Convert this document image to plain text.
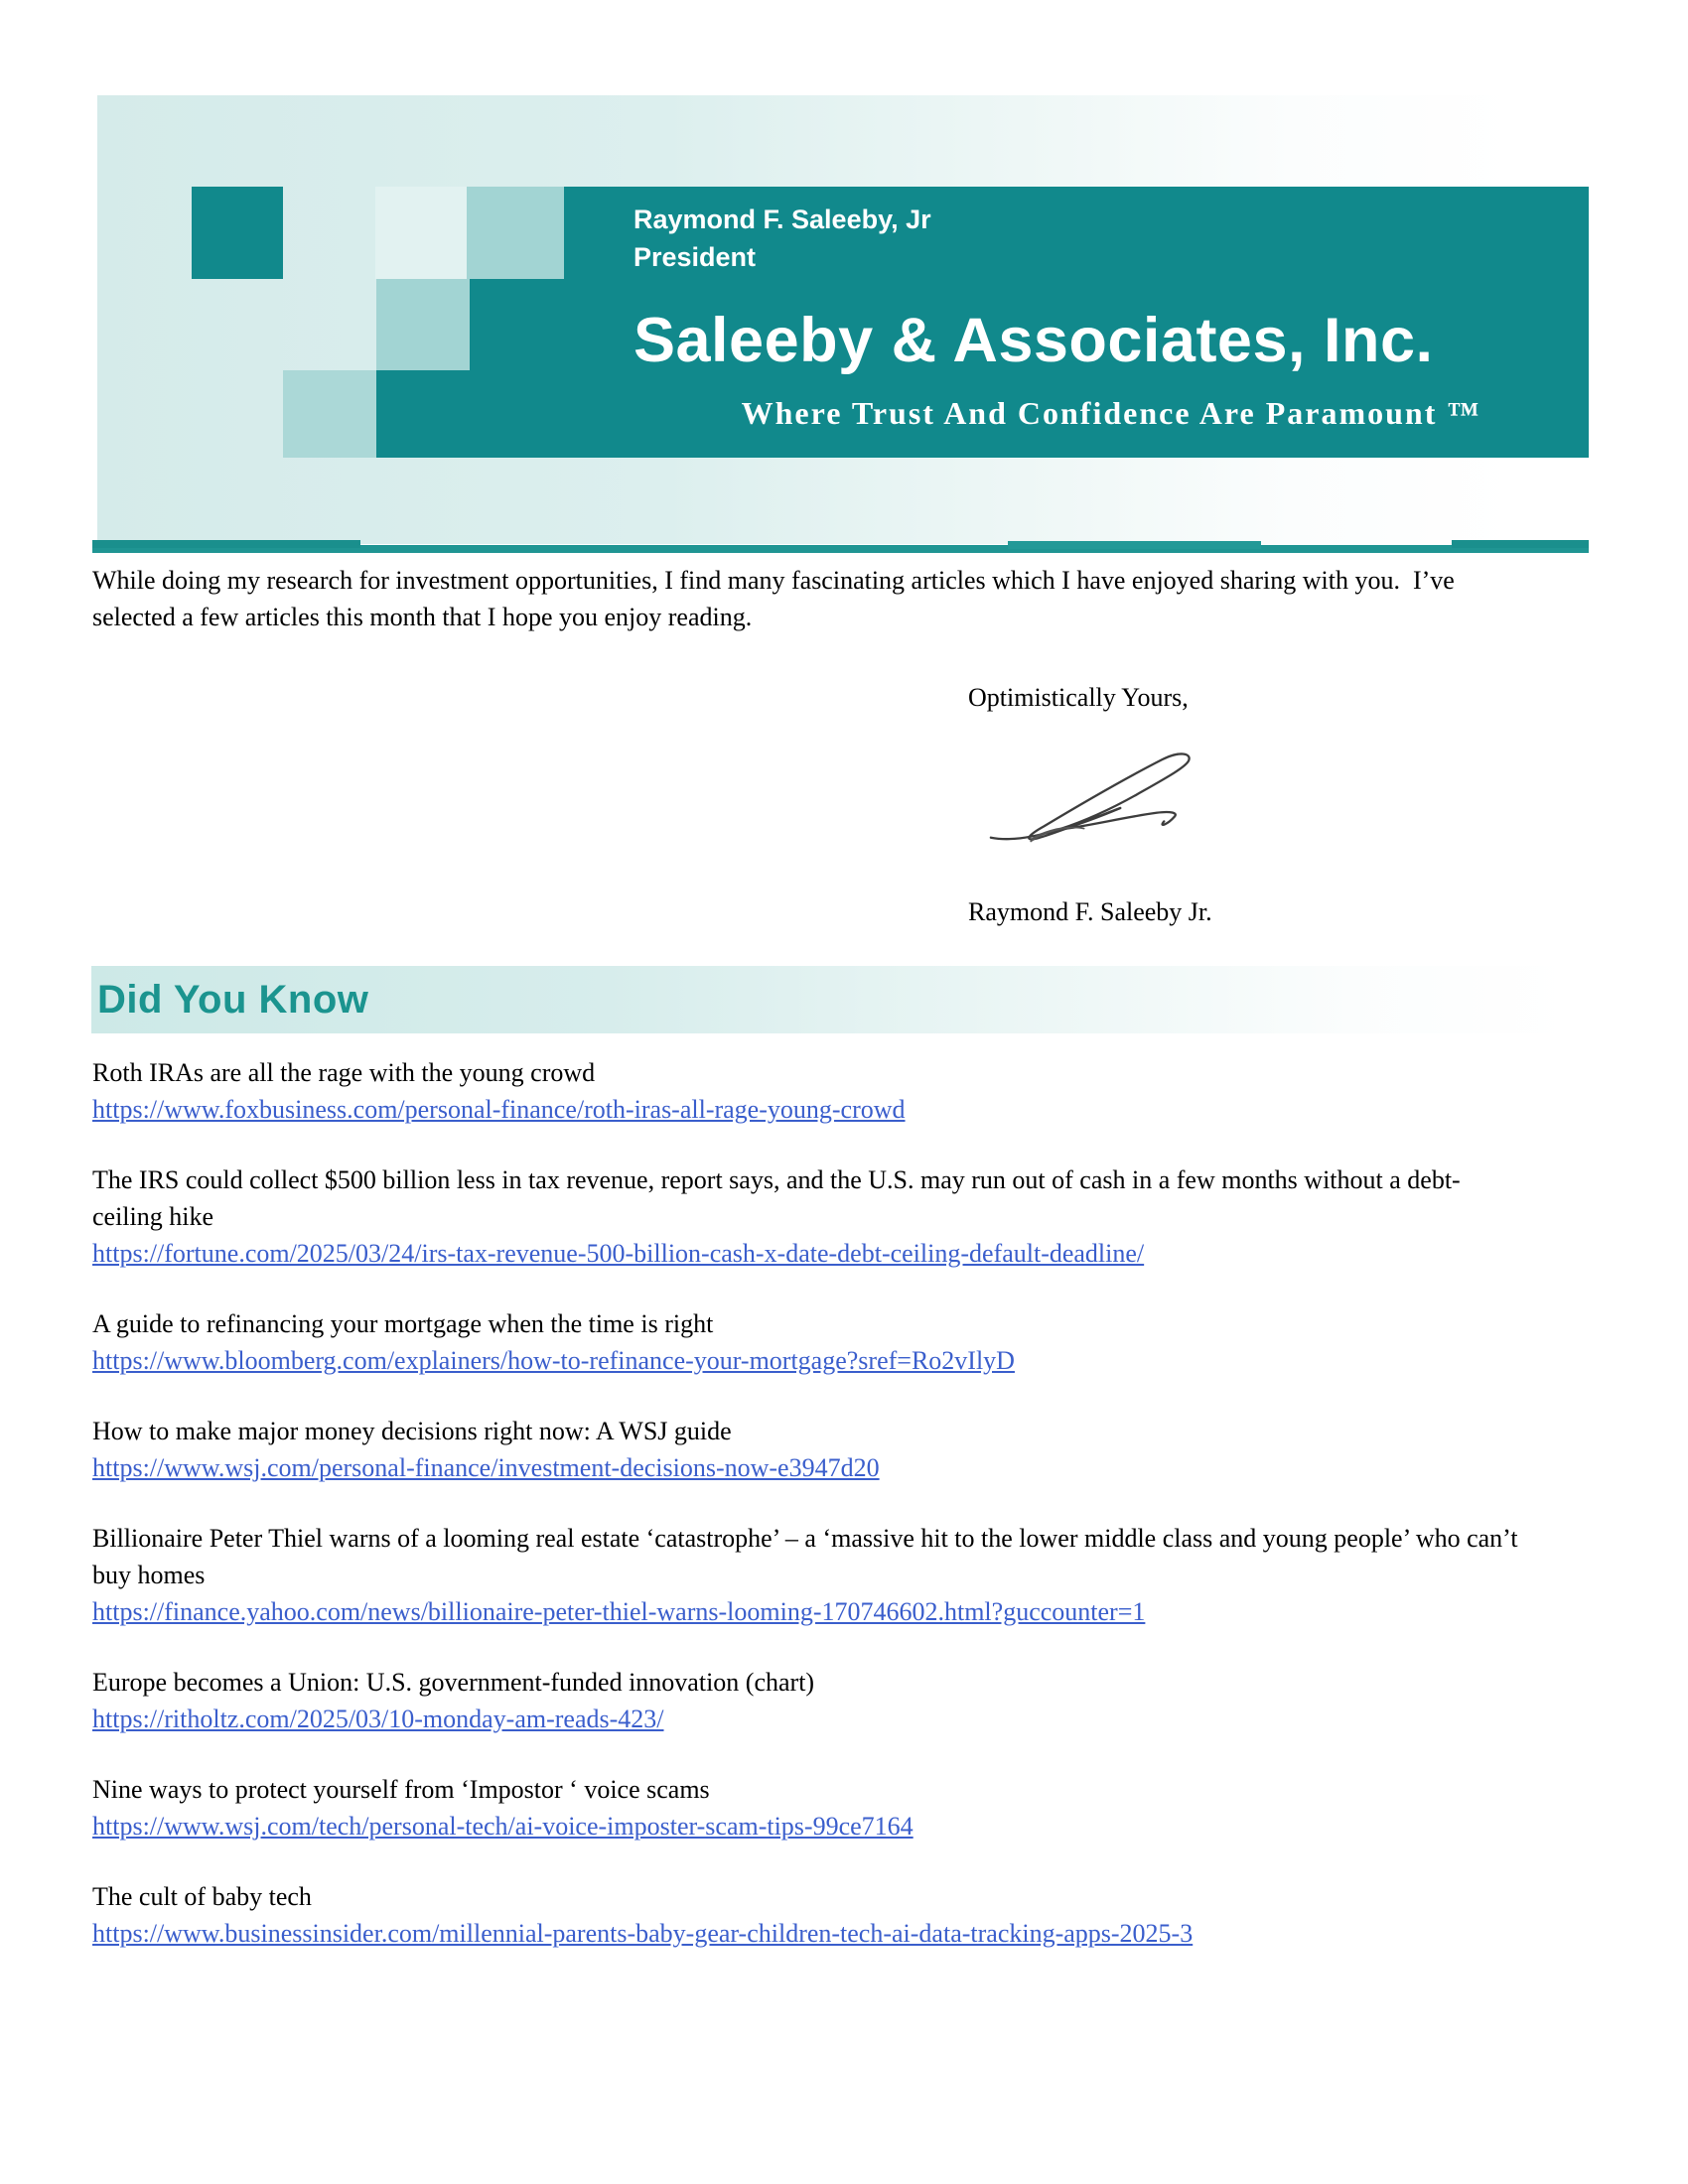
Raymond F. Saleeby, Jr
President
Saleeby & Associates, Inc.
Where Trust And Confidence Are Paramount ™

While doing my research for investment opportunities, I find many fascinating articles which I have enjoyed sharing with you.  I’ve selected a few articles this month that I hope you enjoy reading.

Optimistically Yours,
Raymond F. Saleeby Jr.
Did You Know
Roth IRAs are all the rage with the young crowd
https://www.foxbusiness.com/personal-finance/roth-iras-all-rage-young-crowd
The IRS could collect $500 billion less in tax revenue, report says, and the U.S. may run out of cash in a few months without a debt-ceiling hike
https://fortune.com/2025/03/24/irs-tax-revenue-500-billion-cash-x-date-debt-ceiling-default-deadline/
A guide to refinancing your mortgage when the time is right
https://www.bloomberg.com/explainers/how-to-refinance-your-mortgage?sref=Ro2vIlyD
How to make major money decisions right now: A WSJ guide
https://www.wsj.com/personal-finance/investment-decisions-now-e3947d20
Billionaire Peter Thiel warns of a looming real estate ‘catastrophe’ – a ‘massive hit to the lower middle class and young people’ who can’t buy homes
https://finance.yahoo.com/news/billionaire-peter-thiel-warns-looming-170746602.html?guccounter=1
Europe becomes a Union: U.S. government-funded innovation (chart)
https://ritholtz.com/2025/03/10-monday-am-reads-423/
Nine ways to protect yourself from ‘Impostor ‘ voice scams
https://www.wsj.com/tech/personal-tech/ai-voice-imposter-scam-tips-99ce7164
The cult of baby tech
https://www.businessinsider.com/millennial-parents-baby-gear-children-tech-ai-data-tracking-apps-2025-3
